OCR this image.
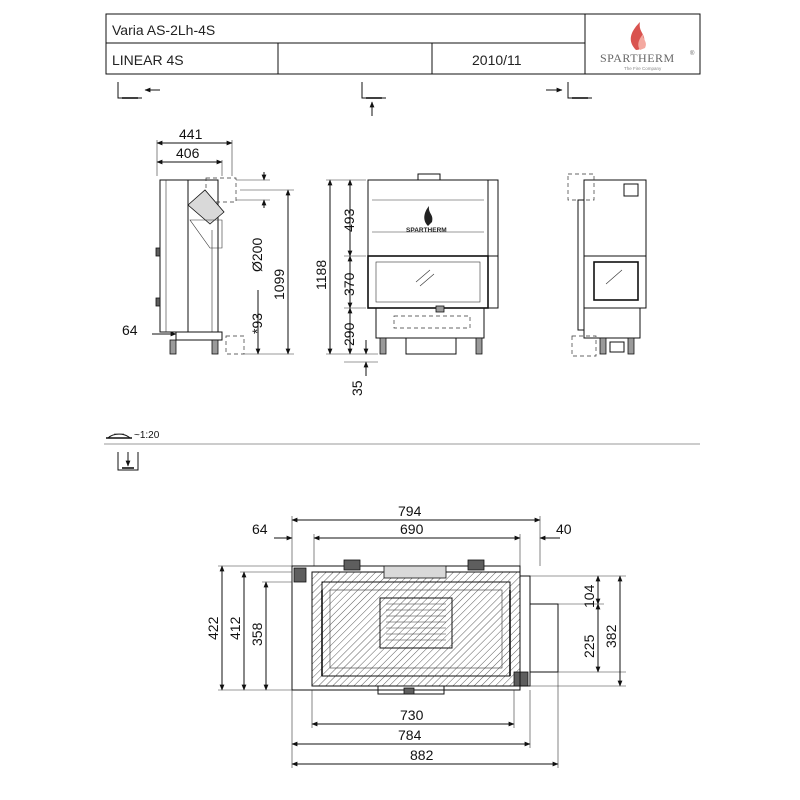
Varia AS-2Lh-4S
LINEAR 4S	2010/11	SPARTHERM	®
The Fire Company
441
406
Ø200
1099
*93
64
SPARTHERM
1188
493
370
290
35
~1:20
794
690
64	40
422 412 358
104
225 382
730
784
882
